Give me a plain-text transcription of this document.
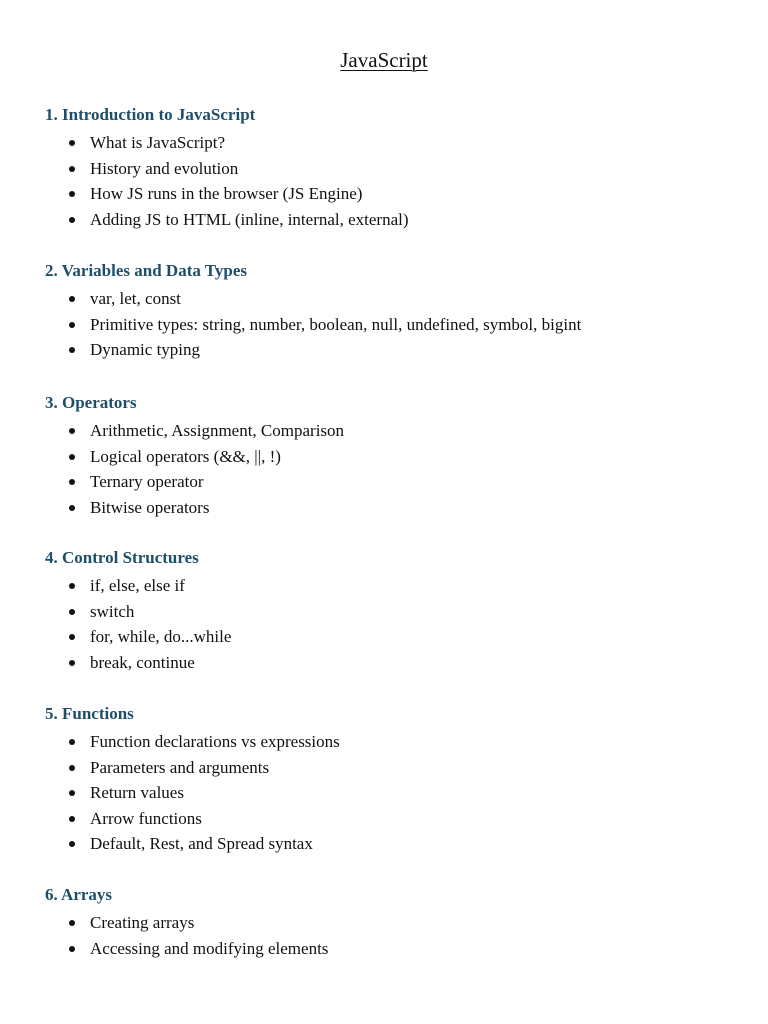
JavaScript
1. Introduction to JavaScript
What is JavaScript?
History and evolution
How JS runs in the browser (JS Engine)
Adding JS to HTML (inline, internal, external)
2. Variables and Data Types
var, let, const
Primitive types: string, number, boolean, null, undefined, symbol, bigint
Dynamic typing
3. Operators
Arithmetic, Assignment, Comparison
Logical operators (&&, ||, !)
Ternary operator
Bitwise operators
4. Control Structures
if, else, else if
switch
for, while, do...while
break, continue
5. Functions
Function declarations vs expressions
Parameters and arguments
Return values
Arrow functions
Default, Rest, and Spread syntax
6. Arrays
Creating arrays
Accessing and modifying elements
